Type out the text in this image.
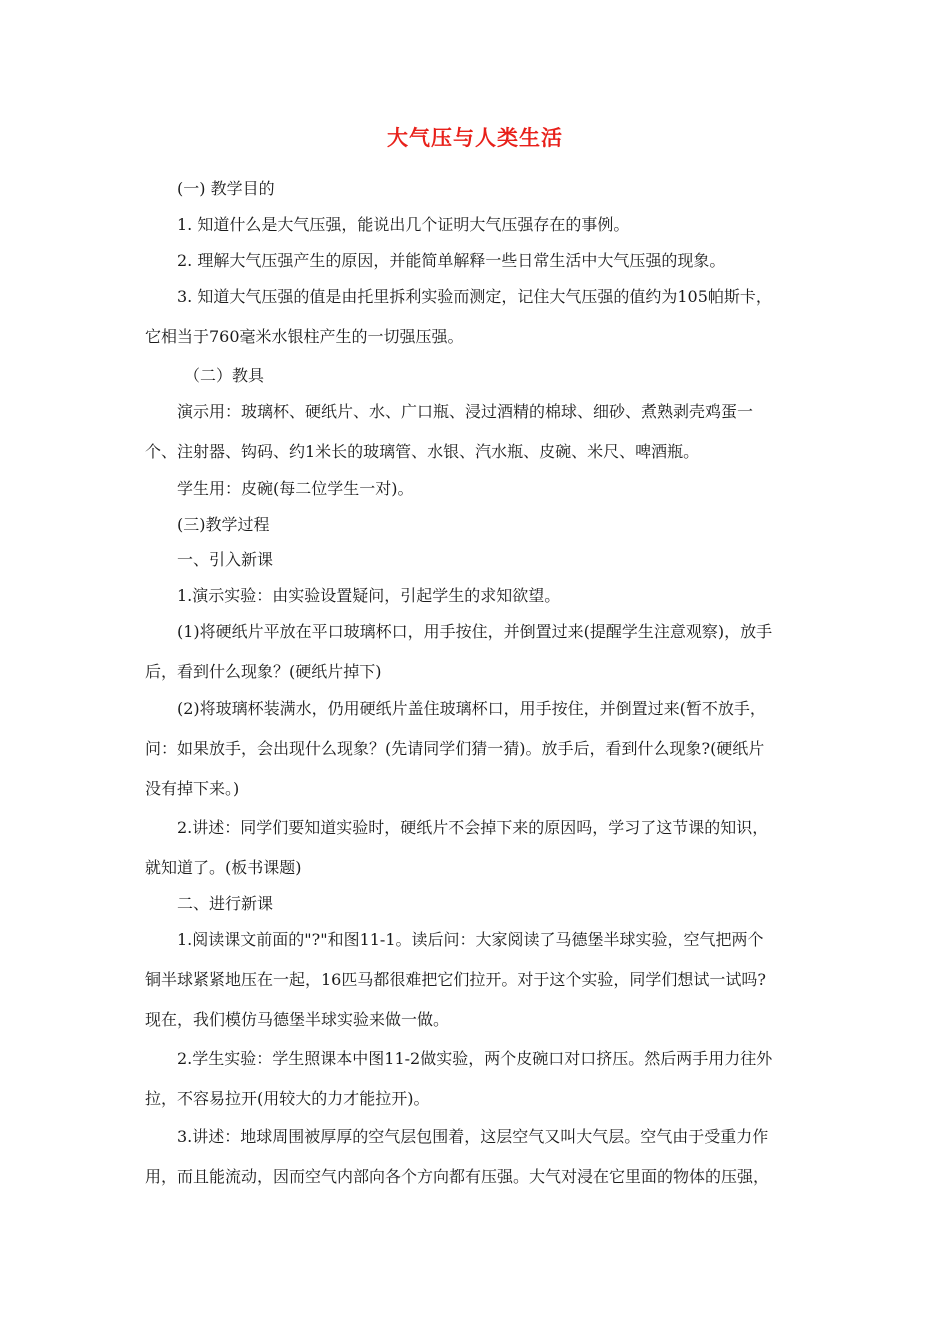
大气压与人类生活
(一) 教学目的
1. 知道什么是大气压强，能说出几个证明大气压强存在的事例。
2. 理解大气压强产生的原因，并能简单解释一些日常生活中大气压强的现象。
3. 知道大气压强的值是由托里拆利实验而测定，记住大气压强的值约为105帕斯卡，
它相当于760毫米水银柱产生的一切强压强。
（二）教具
演示用：玻璃杯、硬纸片、水、广口瓶、浸过酒精的棉球、细砂、煮熟剥壳鸡蛋一
个、注射器、钩码、约1米长的玻璃管、水银、汽水瓶、皮碗、米尺、啤酒瓶。
学生用：皮碗(每二位学生一对)。
(三)教学过程
一、引入新课
1.演示实验：由实验设置疑问，引起学生的求知欲望。
(1)将硬纸片平放在平口玻璃杯口，用手按住，并倒置过来(提醒学生注意观察)，放手
后，看到什么现象？(硬纸片掉下)
(2)将玻璃杯装满水，仍用硬纸片盖住玻璃杯口，用手按住，并倒置过来(暂不放手，
问：如果放手，会出现什么现象？(先请同学们猜一猜)。放手后，看到什么现象?(硬纸片
没有掉下来。)
2.讲述：同学们要知道实验时，硬纸片不会掉下来的原因吗，学习了这节课的知识，
就知道了。(板书课题)
二、进行新课
1.阅读课文前面的"?"和图11-1。读后问：大家阅读了马德堡半球实验，空气把两个
铜半球紧紧地压在一起，16匹马都很难把它们拉开。对于这个实验，同学们想试一试吗?
现在，我们模仿马德堡半球实验来做一做。
2.学生实验：学生照课本中图11-2做实验，两个皮碗口对口挤压。然后两手用力往外
拉，不容易拉开(用较大的力才能拉开)。
3.讲述：地球周围被厚厚的空气层包围着，这层空气又叫大气层。空气由于受重力作
用，而且能流动，因而空气内部向各个方向都有压强。大气对浸在它里面的物体的压强，
